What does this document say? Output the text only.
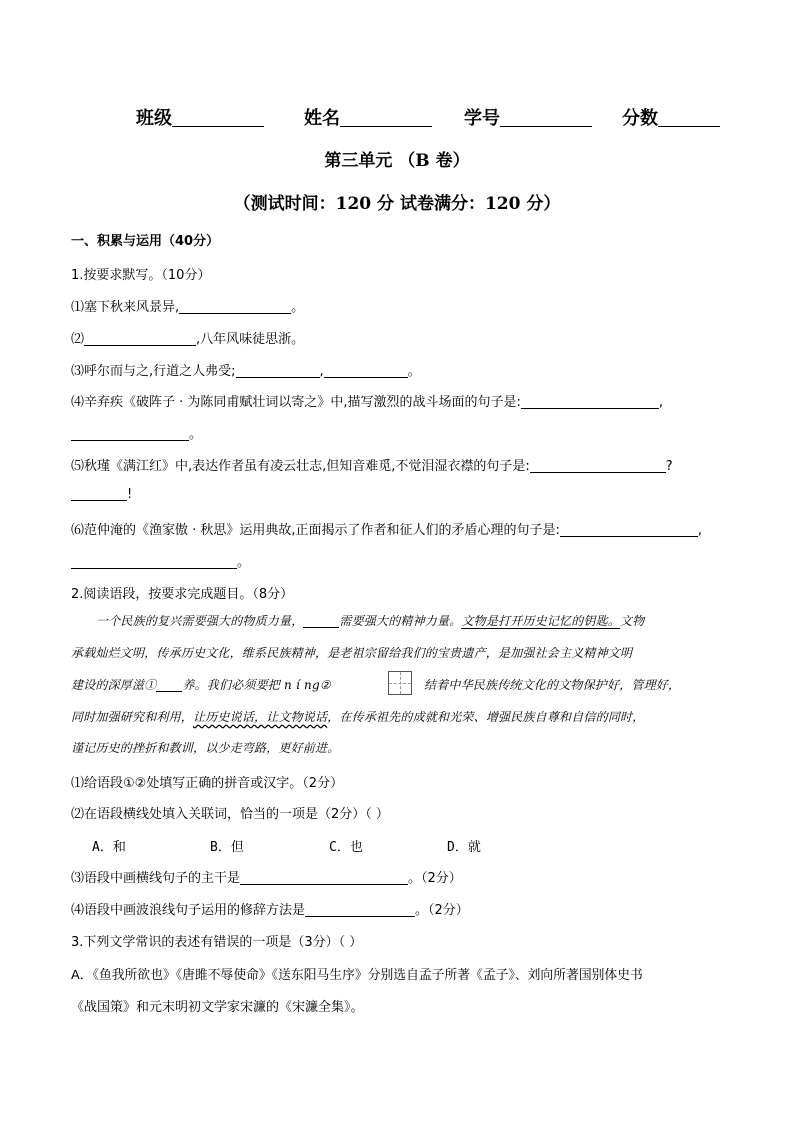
班级	姓名	学号	分数
第三单元 （B 卷）
（测试时间：120 分 试卷满分：120 分）
一、积累与运用（40分）
1.按要求默写。（10分）
⑴塞下秋来风景异,	。
⑵	,八年风味徒思浙。
⑶呼尔而与之,行道之人弗受;	,	。
⑷辛弃疾《破阵子 · 为陈同甫赋壮词以寄之》中,描写激烈的战斗场面的句子是:	,
。
⑸秋瑾《满江红》中,表达作者虽有凌云壮志,但知音难觅,不觉泪湿衣襟的句子是:	?
!
⑹范仲淹的《渔家傲 · 秋思》运用典故,正面揭示了作者和征人们的矛盾心理的句子是:	,
。
2.阅读语段，按要求完成题目。（8分）
一个民族的复兴需要强大的物质力量，	需要强大的精神力量。文物是打开历史记忆的钥匙。文物
承载灿烂文明，传承历史文化，维系民族精神，是老祖宗留给我们的宝贵遗产，是加强社会主义精神文明
建设的深厚滋① 养。我们必须要把 n í ng②	结着中华民族传统文化的文物保护好，管理好，
同时加强研究和利用，让历史说话，让文物说话，在传承祖先的成就和光荣、增强民族自尊和自信的同时，
谨记历史的挫折和教训，以少走弯路，更好前进。
⑴给语段①②处填写正确的拼音或汉字。（2分）
⑵在语段横线处填入关联词，恰当的一项是（2分）（ ）
A．和	B．但	C．也	D．就
⑶语段中画横线句子的主干是	。（2分）
⑷语段中画波浪线句子运用的修辞方法是	。（2分）
3.下列文学常识的表述有错误的一项是（3分）（ ）
A．《鱼我所欲也》《唐雎不辱使命》《送东阳马生序》分别选自孟子所著《孟子》、刘向所著国别体史书
《战国策》和元末明初文学家宋濂的《宋濂全集》。
